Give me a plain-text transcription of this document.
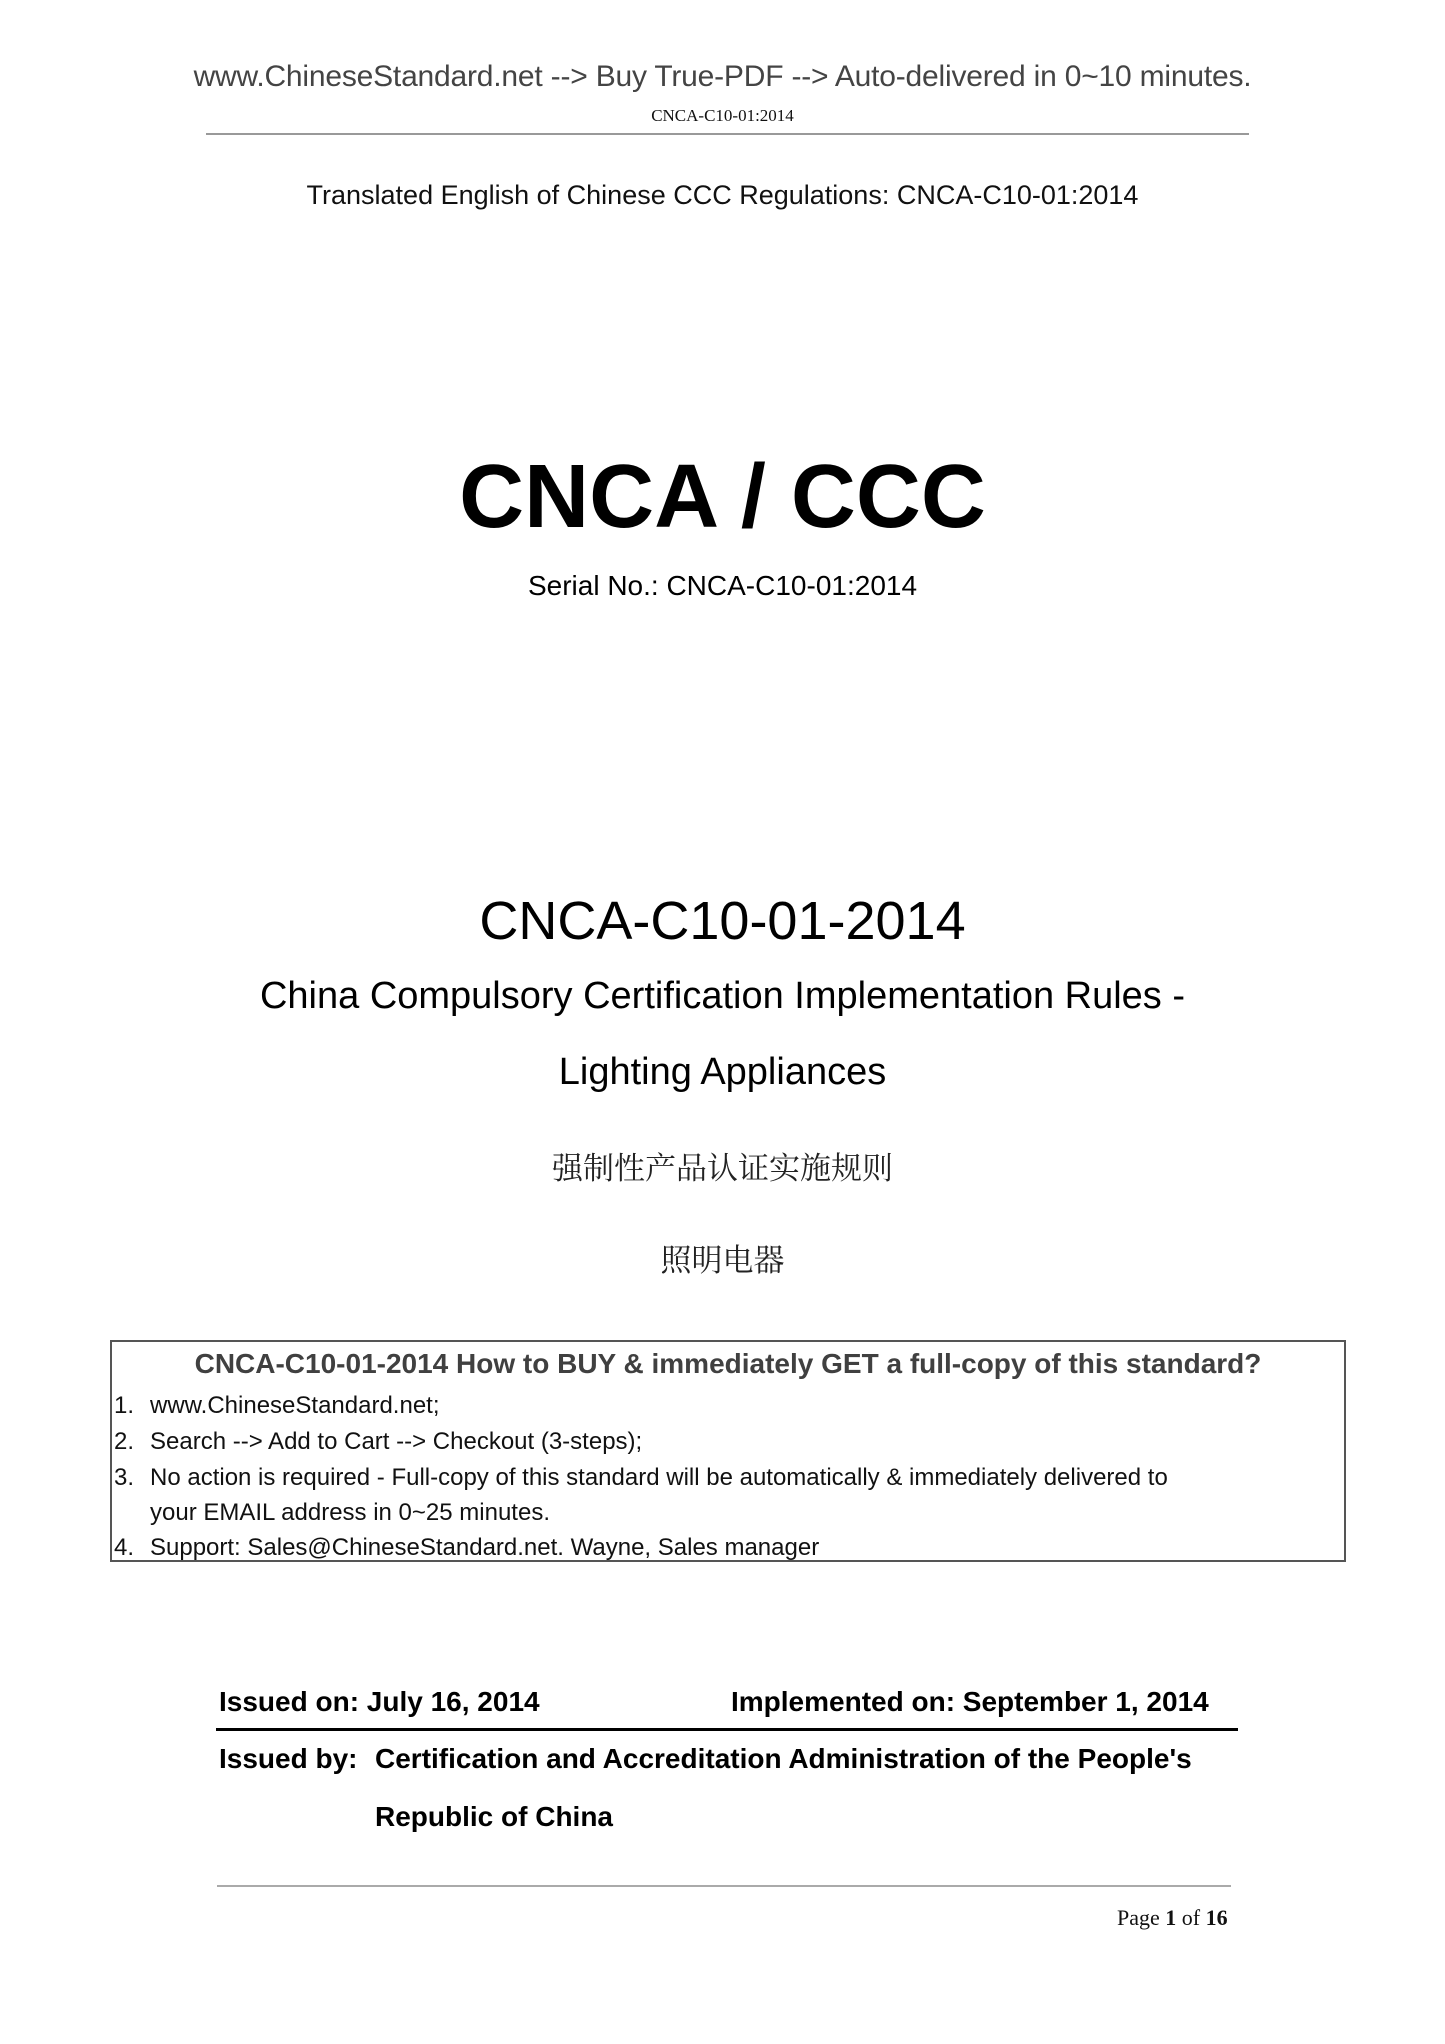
www.ChineseStandard.net --> Buy True-PDF --> Auto-delivered in 0~10 minutes.
CNCA-C10-01:2014
Translated English of Chinese CCC Regulations: CNCA-C10-01:2014
CNCA / CCC
Serial No.: CNCA-C10-01:2014
CNCA-C10-01-2014
China Compulsory Certification Implementation Rules -
Lighting Appliances
强制性产品认证实施规则
照明电器
CNCA-C10-01-2014 How to BUY & immediately GET a full-copy of this standard?
1. www.ChineseStandard.net;
2. Search --> Add to Cart --> Checkout (3-steps);
3. No action is required - Full-copy of this standard will be automatically & immediately delivered to
your EMAIL address in 0~25 minutes.
4. Support: Sales@ChineseStandard.net. Wayne, Sales manager
Issued on: July 16, 2014	Implemented on: September 1, 2014
Issued by: Certification and Accreditation Administration of the People's
Republic of China
Page 1 of 16
